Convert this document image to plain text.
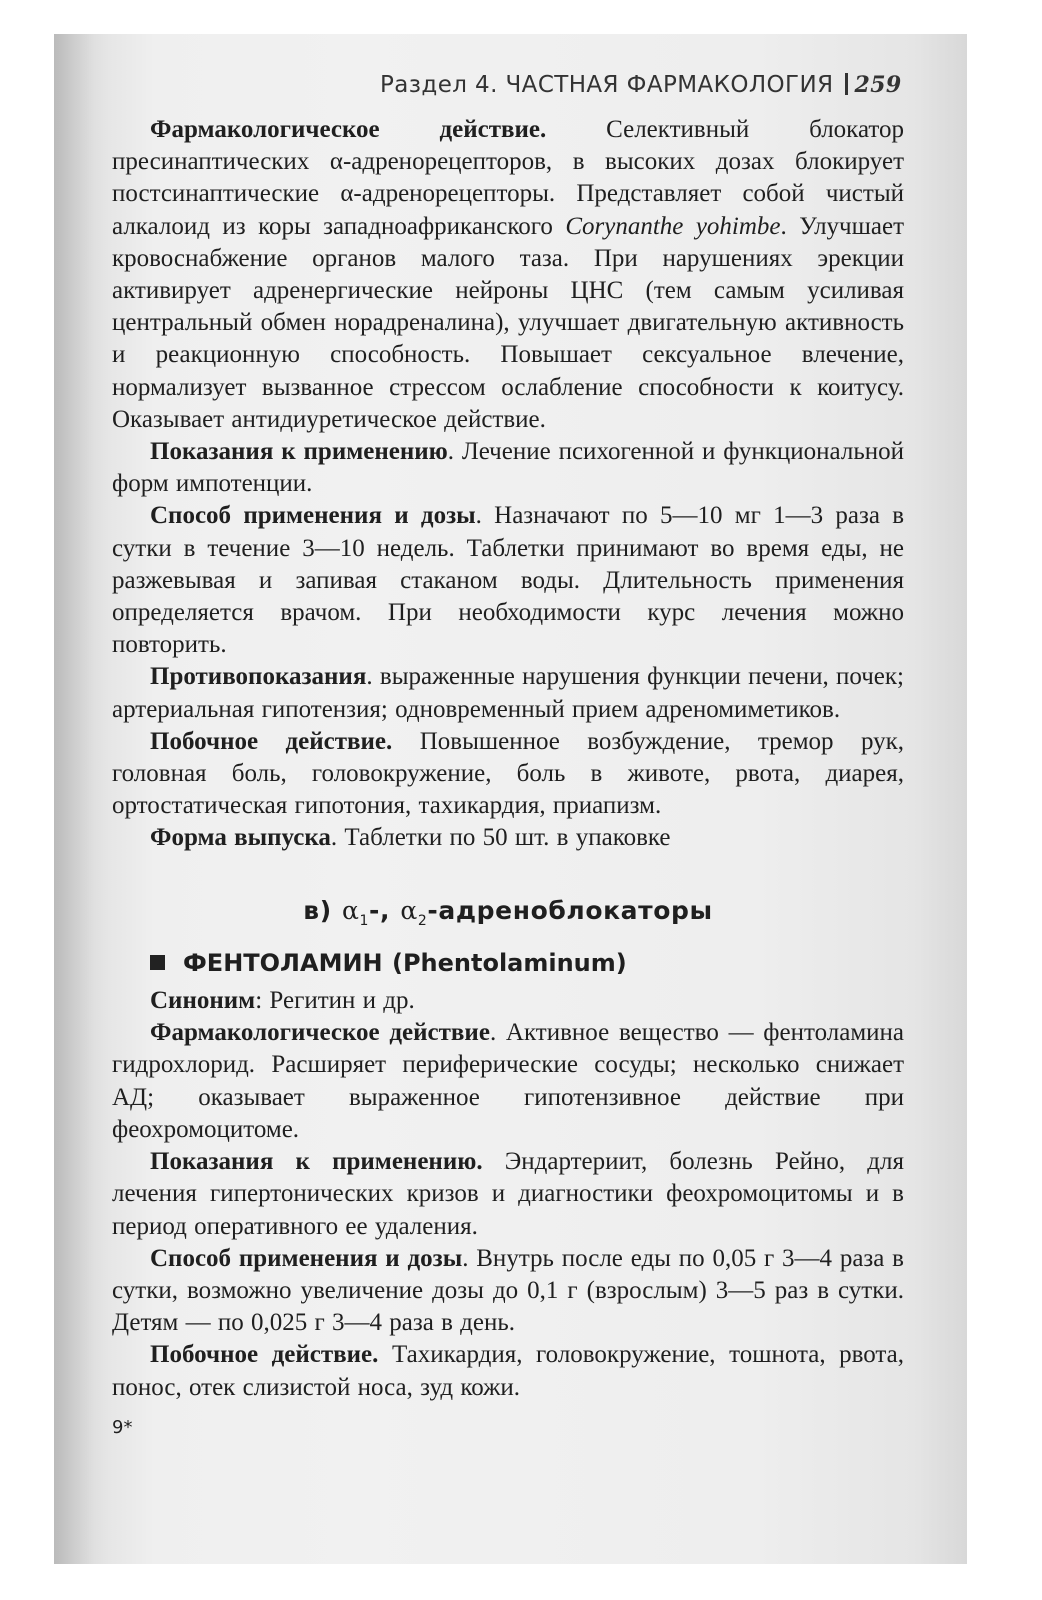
Раздел 4. ЧАСТНАЯ ФАРМАКОЛОГИЯ 259

Фармакологическое действие. Селективный блокатор пресинаптических α-адренорецепторов, в высоких дозах блокирует постсинаптические α-адренорецепторы. Представляет собой чистый алкалоид из коры западноафриканского Corynanthe yohimbe. Улучшает кровоснабжение органов малого таза. При нарушениях эрекции активирует адренергические нейроны ЦНС (тем самым усиливая центральный обмен норадреналина), улучшает двигательную активность и реакционную способность. Повышает сексуальное влечение, нормализует вызванное стрессом ослабление способности к коитусу. Оказывает антидиуретическое действие.

Показания к применению. Лечение психогенной и функциональной форм импотенции.

Способ применения и дозы. Назначают по 5—10 мг 1—3 раза в сутки в течение 3—10 недель. Таблетки принимают во время еды, не разжевывая и запивая стаканом воды. Длительность применения определяется врачом. При необходимости курс лечения можно повторить.

Противопоказания. выраженные нарушения функции печени, почек; артериальная гипотензия; одновременный прием адреномиметиков.

Побочное действие. Повышенное возбуждение, тремор рук, головная боль, головокружение, боль в животе, рвота, диарея, ортостатическая гипотония, тахикардия, приапизм.

Форма выпуска. Таблетки по 50 шт. в упаковке

в) $\alpha_1-$, $\alpha_2$-адреноблокаторы
ФЕНТОЛАМИН (Phentolaminum)

Синоним: Регитин и др.

Фармакологическое действие. Активное вещество — фентоламина гидрохлорид. Расширяет периферические сосуды; несколько снижает АД; оказывает выраженное гипотензивное действие при феохромоцитоме.

Показания к применению. Эндартериит, болезнь Рейно, для лечения гипертонических кризов и диагностики феохромоцитомы и в период оперативного ее удаления.

Способ применения и дозы. Внутрь после еды по 0,05 г 3—4 раза в сутки, возможно увеличение дозы до 0,1 г (взрослым) 3—5 раз в сутки. Детям — по 0,025 г 3—4 раза в день.

Побочное действие. Тахикардия, головокружение, тошнота, рвота, понос, отек слизистой носа, зуд кожи.

9*
